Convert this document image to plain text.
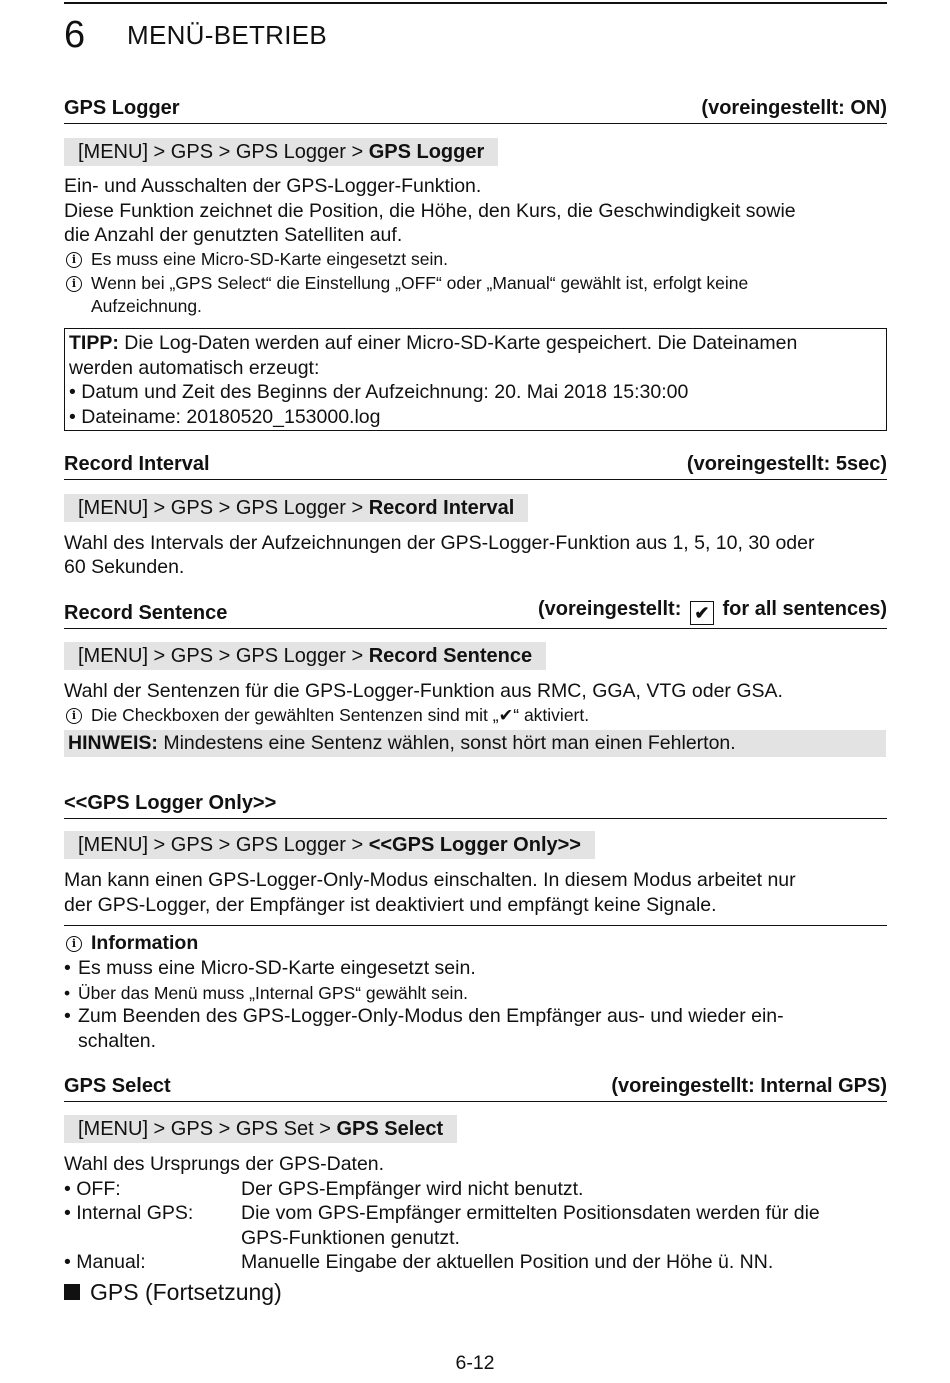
6 MENÜ-BETRIEB
GPS Logger	(voreingestellt: ON)
[MENU] > GPS > GPS Logger > GPS Logger
Ein- und Ausschalten der GPS-Logger-Funktion.
Diese Funktion zeichnet die Position, die Höhe, den Kurs, die Geschwindigkeit sowie
die Anzahl der genutzten Satelliten auf.
i Es muss eine Micro-SD-Karte eingesetzt sein.
i Wenn bei „GPS Select“ die Einstellung „OFF“ oder „Manual“ gewählt ist, erfolgt keine
Aufzeichnung.
TIPP: Die Log-Daten werden auf einer Micro-SD-Karte gespeichert. Die Dateinamen
werden automatisch erzeugt:
• Datum und Zeit des Beginns der Aufzeichnung: 20. Mai 2018 15:30:00
• Dateiname: 20180520_153000.log
Record Interval	(voreingestellt: 5sec)
[MENU] > GPS > GPS Logger > Record Interval
Wahl des Intervals der Aufzeichnungen der GPS-Logger-Funktion aus 1, 5, 10, 30 oder
60 Sekunden.
Record Sentence	(voreingestellt: ✔ for all sentences)
[MENU] > GPS > GPS Logger > Record Sentence
Wahl der Sentenzen für die GPS-Logger-Funktion aus RMC, GGA, VTG oder GSA.
i Die Checkboxen der gewählten Sentenzen sind mit „✔“ aktiviert.
HINWEIS: Mindestens eine Sentenz wählen, sonst hört man einen Fehlerton.
<<GPS Logger Only>>
[MENU] > GPS > GPS Logger > <<GPS Logger Only>>
Man kann einen GPS-Logger-Only-Modus einschalten. In diesem Modus arbeitet nur
der GPS-Logger, der Empfänger ist deaktiviert und empfängt keine Signale.
i Information
• Es muss eine Micro-SD-Karte eingesetzt sein.
• Über das Menü muss „Internal GPS“ gewählt sein.
• Zum Beenden des GPS-Logger-Only-Modus den Empfänger aus- und wieder ein-
schalten.
GPS Select	(voreingestellt: Internal GPS)
[MENU] > GPS > GPS Set > GPS Select
Wahl des Ursprungs der GPS-Daten.
• OFF:	Der GPS-Empfänger wird nicht benutzt.
• Internal GPS: Die vom GPS-Empfänger ermittelten Positionsdaten werden für die
GPS-Funktionen genutzt.
• Manual:	Manuelle Eingabe der aktuellen Position und der Höhe ü. NN.
GPS (Fortsetzung)
6-12
